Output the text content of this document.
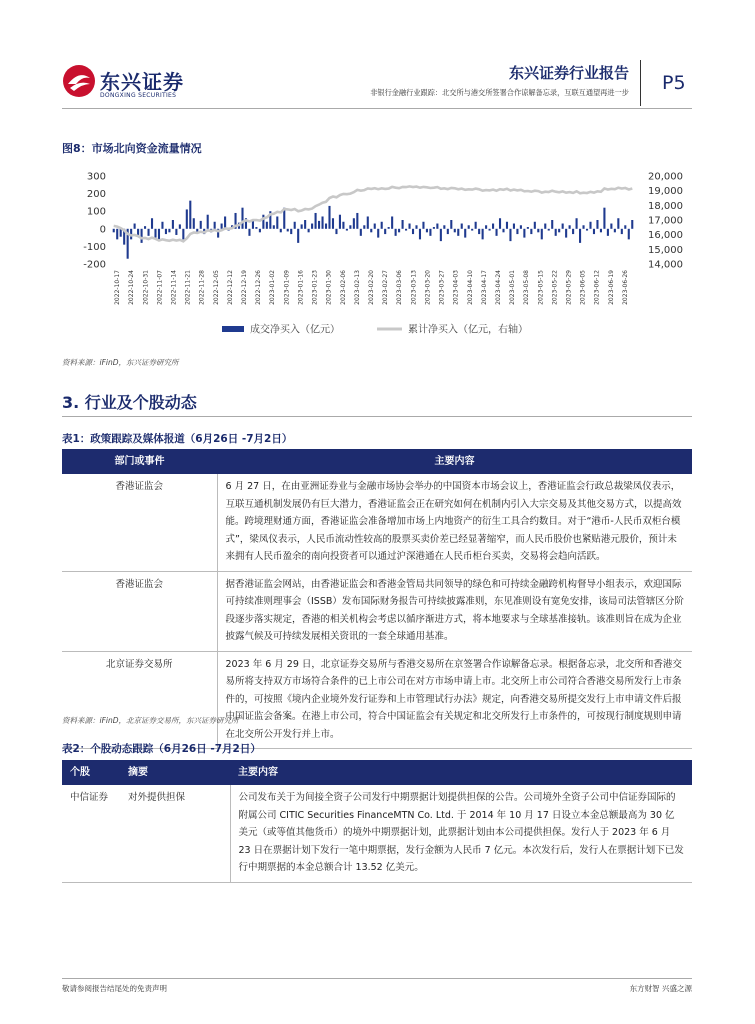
东兴证券
DONGXING SECURITIES
东兴证券行业报告
非银行金融行业跟踪：北交所与港交所签署合作谅解备忘录，互联互通望再进一步 P5
图8：市场北向资金流量情况
300
200
100
0
-100
-200
20,000
19,000
18,000
17,000
16,000
15,000
14,000
2022-10-17 2022-10-24 2022-10-31 2022-11-07 2022-11-14 2022-11-21 2022-11-28 2022-12-05 2022-12-12 2022-12-19 2022-12-26 2023-01-02 2023-01-09 2023-01-16 2023-01-23 2023-01-30 2023-02-06 2023-02-13 2023-02-20 2023-02-27 2023-03-06 2023-03-13 2023-03-20 2023-03-27 2023-04-03 2023-04-10 2023-04-17 2023-04-24 2023-05-01 2023-05-08 2023-05-15 2023-05-22 2023-05-29 2023-06-05 2023-06-12 2023-06-19 2023-06-26
成交净买入（亿元）	累计净买入（亿元，右轴）
资料来源：iFinD，东兴证券研究所
3. 行业及个股动态
表1：政策跟踪及媒体报道（6月26日 -7月2日）
部门或事件	主要内容
香港证监会	6 月 27 日，在由亚洲证券业与金融市场协会举办的中国资本市场会议上，香港证监会行政总裁梁凤仪表示，互联互通机制发展仍有巨大潜力，香港证监会正在研究如何在机制内引入大宗交易及其他交易方式，以提高效能。跨境理财通方面，香港证监会准备增加市场上内地资产的衍生工具合约数目。对于“港币-人民币双柜台模式”，梁凤仪表示，人民币流动性较高的股票买卖价差已经显著缩窄，而人民币股价也紧贴港元股价，预计未来拥有人民币盈余的南向投资者可以通过沪深港通在人民币柜台买卖，交易将会趋向活跃。
香港证监会	据香港证监会网站，由香港证监会和香港金管局共同领导的绿色和可持续金融跨机构督导小组表示，欢迎国际可持续准则理事会（ISSB）发布国际财务报告可持续披露准则，东见准则设有宽免安排，该局司法管辖区分阶段逐步落实规定，香港的相关机构会考虑以循序渐进方式，将本地要求与全球基准接轨。该准则旨在成为企业披露气候及可持续发展相关资讯的一套全球通用基准。
北京证券交易所	2023 年 6 月 29 日，北京证券交易所与香港交易所在京签署合作谅解备忘录。根据备忘录，北交所和香港交易所将支持双方市场符合条件的已上市公司在对方市场申请上市。北交所上市公司符合香港交易所发行上市条件的，可按照《境内企业境外发行证券和上市管理试行办法》规定，向香港交易所提交发行上市申请文件后报中国证监会备案。在港上市公司，符合中国证监会有关规定和北交所发行上市条件的，可按现行制度规则申请在北交所公开发行并上市。
资料来源：iFinD，北京证券交易所，东兴证券研究所
表2：个股动态跟踪（6月26日 -7月2日）
个股	摘要	主要内容
中信证券	对外提供担保	公司发布关于为间接全资子公司发行中期票据计划提供担保的公告。公司境外全资子公司中信证券国际的附属公司 CITIC Securities FinanceMTN Co. Ltd. 于 2014 年 10 月 17 日设立本金总额最高为 30 亿美元（或等值其他货币）的境外中期票据计划，此票据计划由本公司提供担保。发行人于 2023 年 6 月 23 日在票据计划下发行一笔中期票据，发行金额为人民币 7 亿元。本次发行后，发行人在票据计划下已发行中期票据的本金总额合计 13.52 亿美元。
敬请参阅报告结尾处的免责声明	东方财智 兴盛之源
